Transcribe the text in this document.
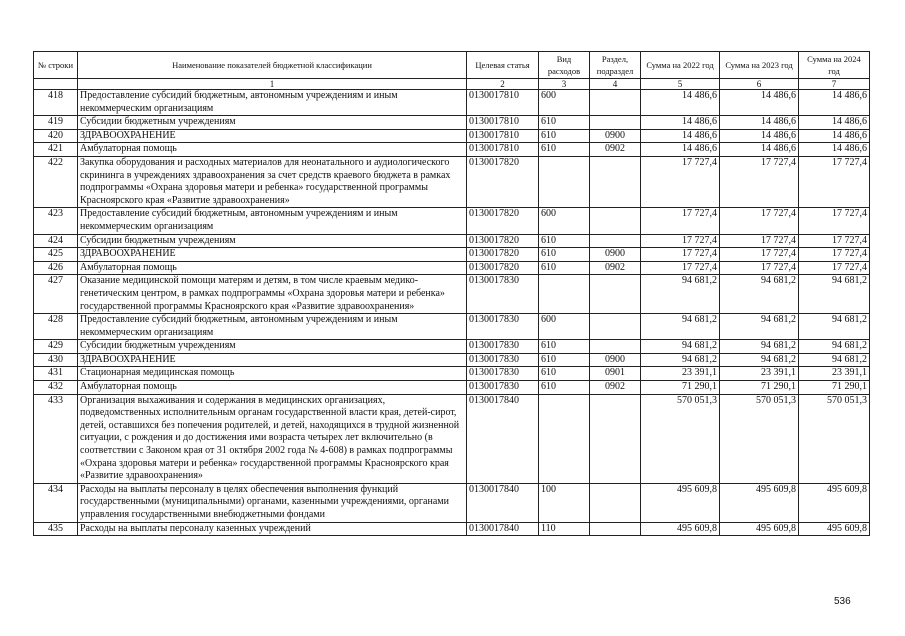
№ строки	Наименование показателей бюджетной классификации	Целевая статья	Вид расходов	Раздел, подраздел	Сумма на 2022 год	Сумма на 2023 год	Сумма на 2024 год
	1	2	3	4	5	6	7
418	Предоставление субсидий бюджетным, автономным учреждениям и иным некоммерческим организациям	0130017810	600		14 486,6	14 486,6	14 486,6
419	Субсидии бюджетным учреждениям	0130017810	610		14 486,6	14 486,6	14 486,6
420	ЗДРАВООХРАНЕНИЕ	0130017810	610	0900	14 486,6	14 486,6	14 486,6
421	Амбулаторная помощь	0130017810	610	0902	14 486,6	14 486,6	14 486,6
422	Закупка оборудования и расходных материалов для неонатального и аудиологического скрининга в учреждениях здравоохранения за счет средств краевого бюджета в рамках подпрограммы «Охрана здоровья матери и ребенка» государственной программы Красноярского края «Развитие здравоохранения»	0130017820			17 727,4	17 727,4	17 727,4
423	Предоставление субсидий бюджетным, автономным учреждениям и иным некоммерческим организациям	0130017820	600		17 727,4	17 727,4	17 727,4
424	Субсидии бюджетным учреждениям	0130017820	610		17 727,4	17 727,4	17 727,4
425	ЗДРАВООХРАНЕНИЕ	0130017820	610	0900	17 727,4	17 727,4	17 727,4
426	Амбулаторная помощь	0130017820	610	0902	17 727,4	17 727,4	17 727,4
427	Оказание медицинской помощи матерям и детям, в том числе краевым медико-генетическим центром, в рамках подпрограммы «Охрана здоровья матери и ребенка» государственной программы Красноярского края «Развитие здравоохранения»	0130017830			94 681,2	94 681,2	94 681,2
428	Предоставление субсидий бюджетным, автономным учреждениям и иным некоммерческим организациям	0130017830	600		94 681,2	94 681,2	94 681,2
429	Субсидии бюджетным учреждениям	0130017830	610		94 681,2	94 681,2	94 681,2
430	ЗДРАВООХРАНЕНИЕ	0130017830	610	0900	94 681,2	94 681,2	94 681,2
431	Стационарная медицинская помощь	0130017830	610	0901	23 391,1	23 391,1	23 391,1
432	Амбулаторная помощь	0130017830	610	0902	71 290,1	71 290,1	71 290,1
433	Организация выхаживания и содержания в медицинских организациях, подведомственных исполнительным органам государственной власти края, детей-сирот, детей, оставшихся без попечения родителей, и детей, находящихся в трудной жизненной ситуации, с рождения и до достижения ими возраста четырех лет включительно (в соответствии с Законом края от 31 октября 2002 года № 4-608) в рамках подпрограммы «Охрана здоровья матери и ребенка» государственной программы Красноярского края «Развитие здравоохранения»	0130017840			570 051,3	570 051,3	570 051,3
434	Расходы на выплаты персоналу в целях обеспечения выполнения функций государственными (муниципальными) органами, казенными учреждениями, органами управления государственными внебюджетными фондами	0130017840	100		495 609,8	495 609,8	495 609,8
435	Расходы на выплаты персоналу казенных учреждений	0130017840	110		495 609,8	495 609,8	495 609,8
536
